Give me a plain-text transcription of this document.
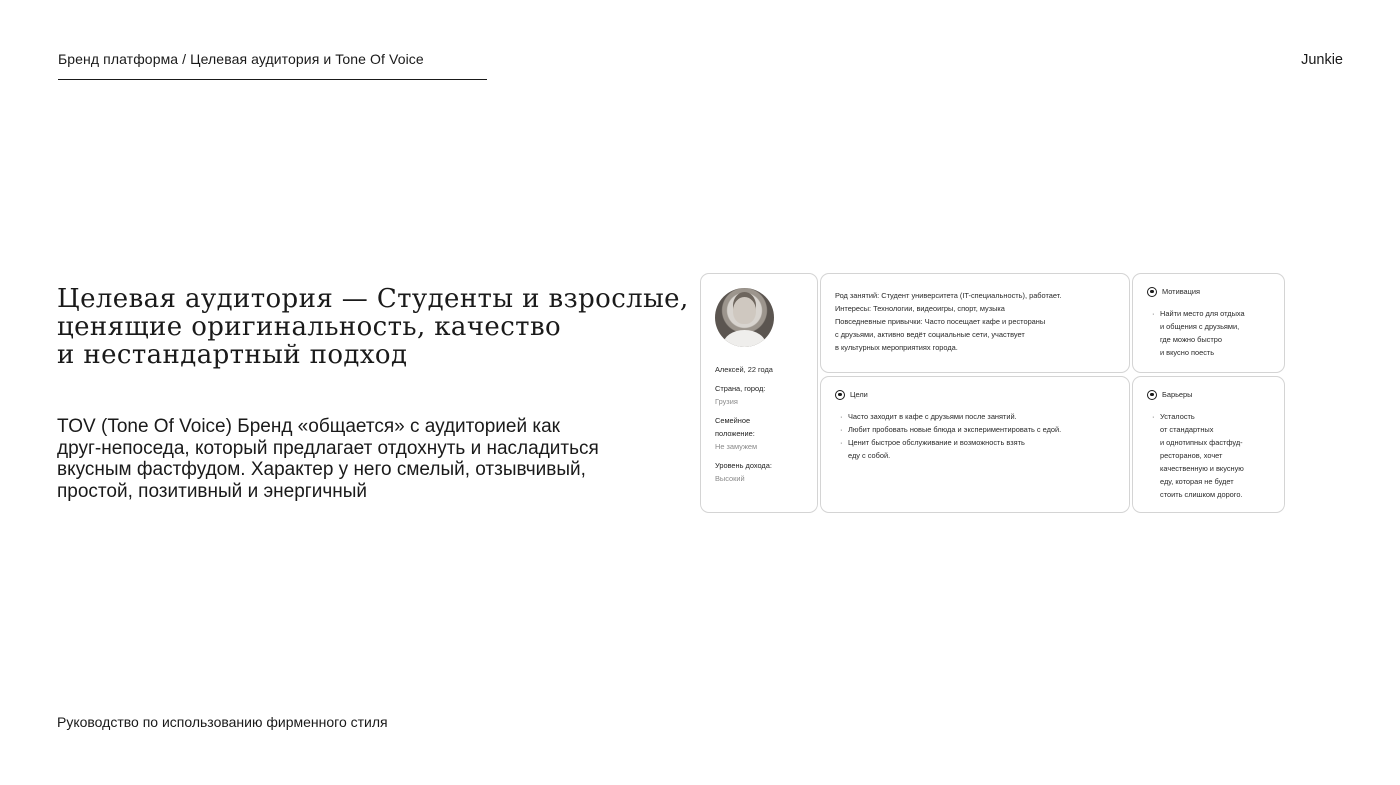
Бренд платформа / Целевая аудитория и Tone Of Voice	Junkie
Целевая аудитория — Студенты и взрослые,
ценящие оригинальность, качество
и нестандартный подход
TOV (Tone Of Voice) Бренд «общается» с аудиторией как
друг-непоседа, который предлагает отдохнуть и насладиться
вкусным фастфудом. Характер у него смелый, отзывчивый,
простой, позитивный и энергичный
Алексей, 22 года
Страна, город:
Грузия
Семейное
положение:
Не замужем
Уровень дохода:
Высокий
Род занятий: Студент университета (IT-специальность), работает.
Интересы: Технологии, видеоигры, спорт, музыка
Повседневные привычки: Часто посещает кафе и рестораны
с друзьями, активно ведёт социальные сети, участвует
в культурных мероприятиях города.
Мотивация
· Найти место для отдыха
и общения с друзьями,
где можно быстро
и вкусно поесть
Цели
· Часто заходит в кафе с друзьями после занятий.
· Любит пробовать новые блюда и экспериментировать с едой.
· Ценит быстрое обслуживание и возможность взять
еду с собой.
Барьеры
· Усталость
от стандартных
и однотипных фастфуд-
ресторанов, хочет
качественную и вкусную
еду, которая не будет
стоить слишком дорого.
Руководство по использованию фирменного стиля
